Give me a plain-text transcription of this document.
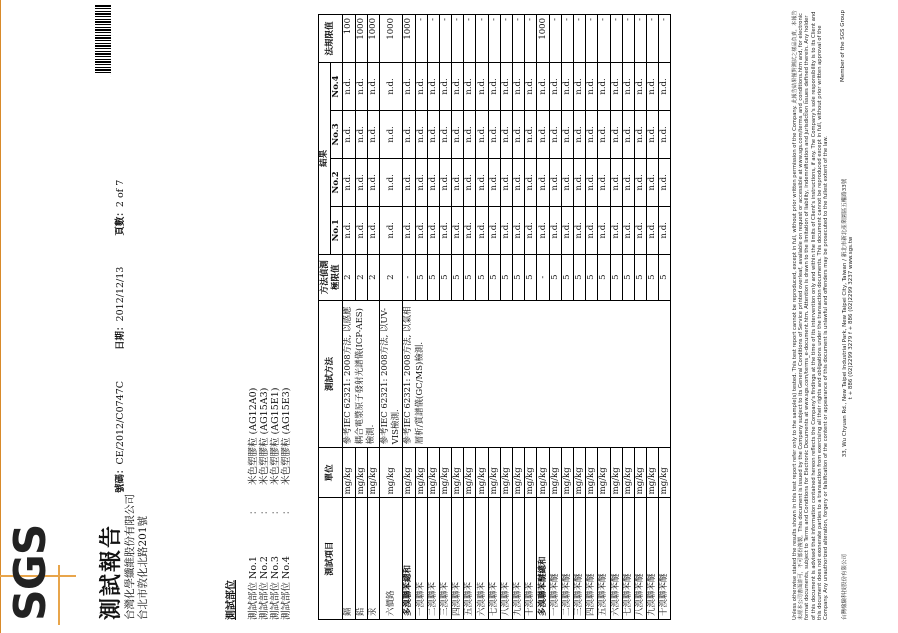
SGS 測試報告 台灣化學纖維股份有限公司 台北市敦化北路201號
號碼：CE/2012/C0747C 日期：2012/12/13 頁數：2 of 7
測試部位 測試部位 No.1
：
米色塑膠粒 (AG12A0)
測試部位 No.2
：
米色塑膠粒 (AG15A3)
測試部位 No.3
：
米色塑膠粒 (AG15E1)
測試部位 No.4
：
米色塑膠粒 (AG15E3)
測試項目	單位	測試方法	方法偵測極限值	結果				法規限值
				No.1	No.2	No.3	No.4	
鎘	mg/kg	參考IEC 62321: 2008方法, 以感應耦合電漿原子發射光譜儀(ICP-AES)檢測.	2	n.d.	n.d.	n.d.	n.d.	100
鉛	mg/kg		2	n.d.	n.d.	n.d.	n.d.	1000
汞	mg/kg		2	n.d.	n.d.	n.d.	n.d.	1000
六價鉻	mg/kg	參考IEC 62321: 2008方法, 以UV-VIS檢測.	2	n.d.	n.d.	n.d.	n.d.	1000
多溴聯苯總和	mg/kg	參考IEC 62321: 2008方法, 以氣相層析/質譜儀(GC/MS)檢測.	-	n.d.	n.d.	n.d.	n.d.	1000
一溴聯苯	mg/kg		5	n.d.	n.d.	n.d.	n.d.	-
二溴聯苯	mg/kg		5	n.d.	n.d.	n.d.	n.d.	-
三溴聯苯	mg/kg		5	n.d.	n.d.	n.d.	n.d.	-
四溴聯苯	mg/kg		5	n.d.	n.d.	n.d.	n.d.	-
五溴聯苯	mg/kg		5	n.d.	n.d.	n.d.	n.d.	-
六溴聯苯	mg/kg		5	n.d.	n.d.	n.d.	n.d.	-
七溴聯苯	mg/kg		5	n.d.	n.d.	n.d.	n.d.	-
八溴聯苯	mg/kg		5	n.d.	n.d.	n.d.	n.d.	-
九溴聯苯	mg/kg		5	n.d.	n.d.	n.d.	n.d.	-
十溴聯苯	mg/kg		5	n.d.	n.d.	n.d.	n.d.	-
多溴聯苯醚總和	mg/kg		-	n.d.	n.d.	n.d.	n.d.	1000
一溴聯苯醚	mg/kg		5	n.d.	n.d.	n.d.	n.d.	-
二溴聯苯醚	mg/kg		5	n.d.	n.d.	n.d.	n.d.	-
三溴聯苯醚	mg/kg		5	n.d.	n.d.	n.d.	n.d.	-
四溴聯苯醚	mg/kg		5	n.d.	n.d.	n.d.	n.d.	-
五溴聯苯醚	mg/kg		5	n.d.	n.d.	n.d.	n.d.	-
六溴聯苯醚	mg/kg		5	n.d.	n.d.	n.d.	n.d.	-
七溴聯苯醚	mg/kg		5	n.d.	n.d.	n.d.	n.d.	-
八溴聯苯醚	mg/kg		5	n.d.	n.d.	n.d.	n.d.	-
九溴聯苯醚	mg/kg		5	n.d.	n.d.	n.d.	n.d.	-
十溴聯苯醚	mg/kg		5	n.d.	n.d.	n.d.	n.d.	-	Unless otherwise stated the results shown in this test report refer only to the sample(s) tested. This test report cannot be reproduced, except in full, without prior written permission of the Company. 此報告結果僅對測試之樣品負責，本報告未經本公司書面許可，不可部份複製。This document is issued by the Company subject to its General Conditions of Service printed overleaf, available on request or accessible at www.sgs.com/terms_and_conditions.htm and, for electronic format documents, subject to Terms and Conditions for Electronic Documents at www.sgs.com/terms_e-document.htm. Attention is drawn to the limitation of liability, indemnification and jurisdiction issues defined therein. Any holder of this document is advised that information contained hereon reflects the Company's findings at the time of its intervention only and within the limits of Client's instructions, if any. The Company's sole responsibility is to its Client and this document does not exonerate parties to a transaction from exercising all their rights and obligations under the transaction documents. This document cannot be reproduced except in full, without prior written approval of the Company. Any unauthorized alteration, forgery or falsification of the content or appearance of this document is unlawful and offenders may be prosecuted to the fullest extent of the law.	台灣檢驗科技股份有限公司
33, Wu Chyuan Rd., New Taipei Industrial Park, New Taipei City, Taiwan / 新北市新北產業園區五權路33號
t + 886 (02)2299 3279 f + 886 (02)2299 3237 www.sgs.tw
Member of the SGS Group
